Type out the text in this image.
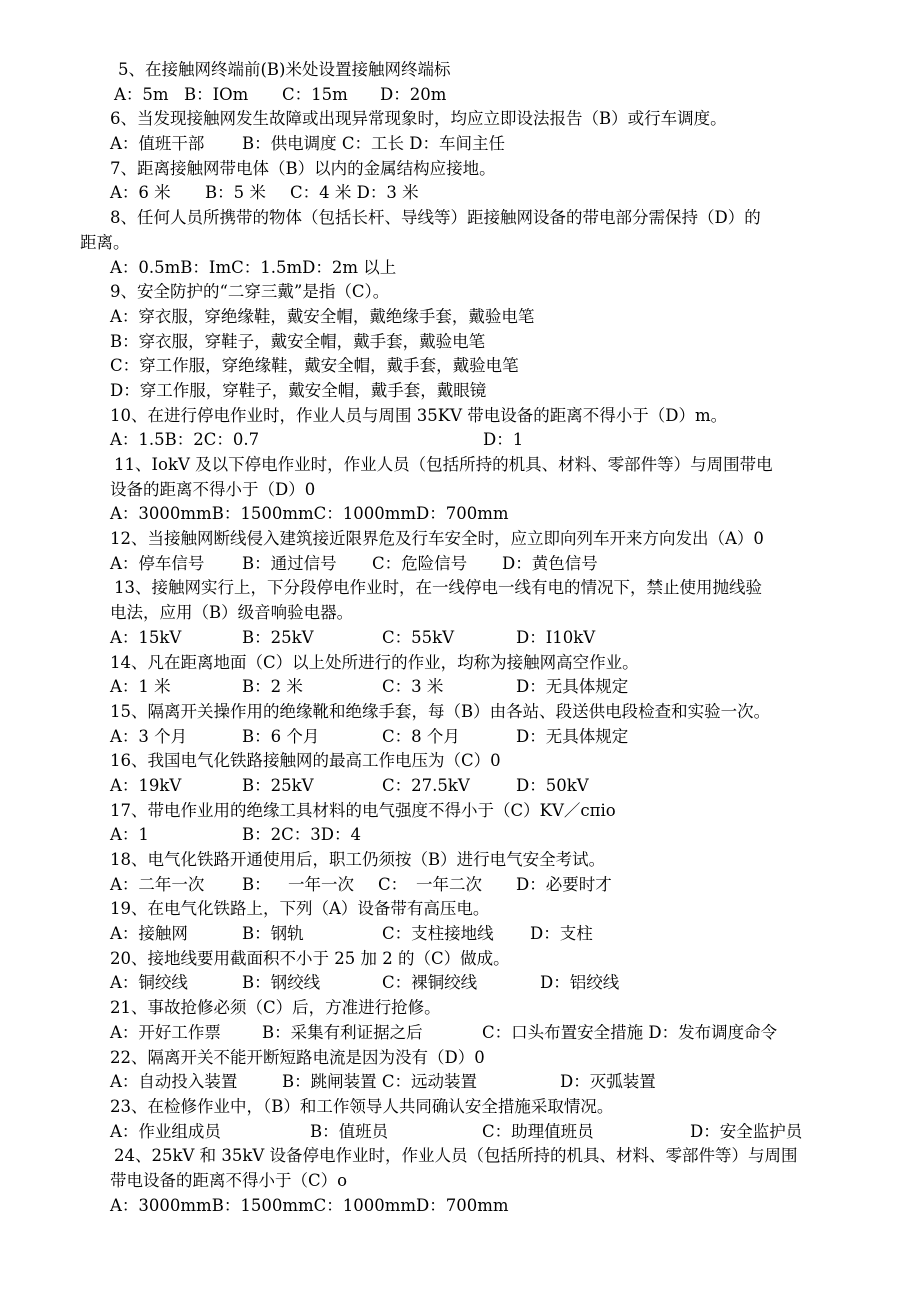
5、在接触网终端前(B)米处设置接触网终端标
A：5m B：IOm C：15m D：20m
6、当发现接触网发生故障或出现异常现象时，均应立即设法报告（B）或行车调度。
A：值班干部 B：供电调度 C：工长 D：车间主任
7、距离接触网带电体（B）以内的金属结构应接地。
A：6 米 B：5 米 C：4 米 D：3 米
8、任何人员所携带的物体（包括长杆、导线等）距接触网设备的带电部分需保持（D）的
距离。
A：0.5mB：ImC：1.5mD：2m 以上
9、安全防护的“二穿三戴”是指（C）。
A：穿衣服，穿绝缘鞋，戴安全帽，戴绝缘手套，戴验电笔
B：穿衣服，穿鞋子，戴安全帽，戴手套，戴验电笔
C：穿工作服，穿绝缘鞋，戴安全帽，戴手套，戴验电笔
D：穿工作服，穿鞋子，戴安全帽，戴手套，戴眼镜
10、在进行停电作业时，作业人员与周围 35KV 带电设备的距离不得小于（D）m。
A：1.5B：2C：0.7	D：1
11、IokV 及以下停电作业时，作业人员（包括所持的机具、材料、零部件等）与周围带电
设备的距离不得小于（D）0
A：3000mmB：1500mmC：1000mmD：700mm
12、当接触网断线侵入建筑接近限界危及行车安全时，应立即向列车开来方向发出（A）0
A：停车信号 B：通过信号 C：危险信号 D：黄色信号
13、接触网实行上，下分段停电作业时，在一线停电一线有电的情况下，禁止使用抛线验
电法，应用（B）级音响验电器。
A：15kV	B：25kV	C：55kV	D：I10kV
14、凡在距离地面（C）以上处所进行的作业，均称为接触网高空作业。
A：1 米	B：2 米	C：3 米	D：无具体规定
15、隔离开关操作用的绝缘靴和绝缘手套，每（B）由各站、段送供电段检查和实验一次。
A：3 个月	B：6 个月	C：8 个月	D：无具体规定
16、我国电气化铁路接触网的最高工作电压为（C）0
A：19kV	B：25kV	C：27.5kV	D：50kV
17、带电作业用的绝缘工具材料的电气强度不得小于（C）KV／cπio
A：1	B：2C：3D：4
18、电气化铁路开通使用后，职工仍须按（B）进行电气安全考试。
A：二年一次 B： 一年一次 C： 一年二次 D：必要时才
19、在电气化铁路上，下列（A）设备带有高压电。
A：接触网	B：钢轨	C：支柱接地线 D：支柱
20、接地线要用截面积不小于 25 加 2 的（C）做成。
A：铜绞线	B：钢绞线	C：裸铜绞线	D：铝绞线
21、事故抢修必须（C）后，方准进行抢修。
A：开好工作票 B：采集有利证据之后	C：口头布置安全措施 D：发布调度命令
22、隔离开关不能开断短路电流是因为没有（D）0
A：自动投入装置	B：跳闸装置 C：远动装置	D：灭弧装置
23、在检修作业中，（B）和工作领导人共同确认安全措施采取情况。
A：作业组成员	B：值班员	C：助理值班员	D：安全监护员
24、25kV 和 35kV 设备停电作业时，作业人员（包括所持的机具、材料、零部件等）与周围
带电设备的距离不得小于（C）o
A：3000mmB：1500mmC：1000mmD：700mm
